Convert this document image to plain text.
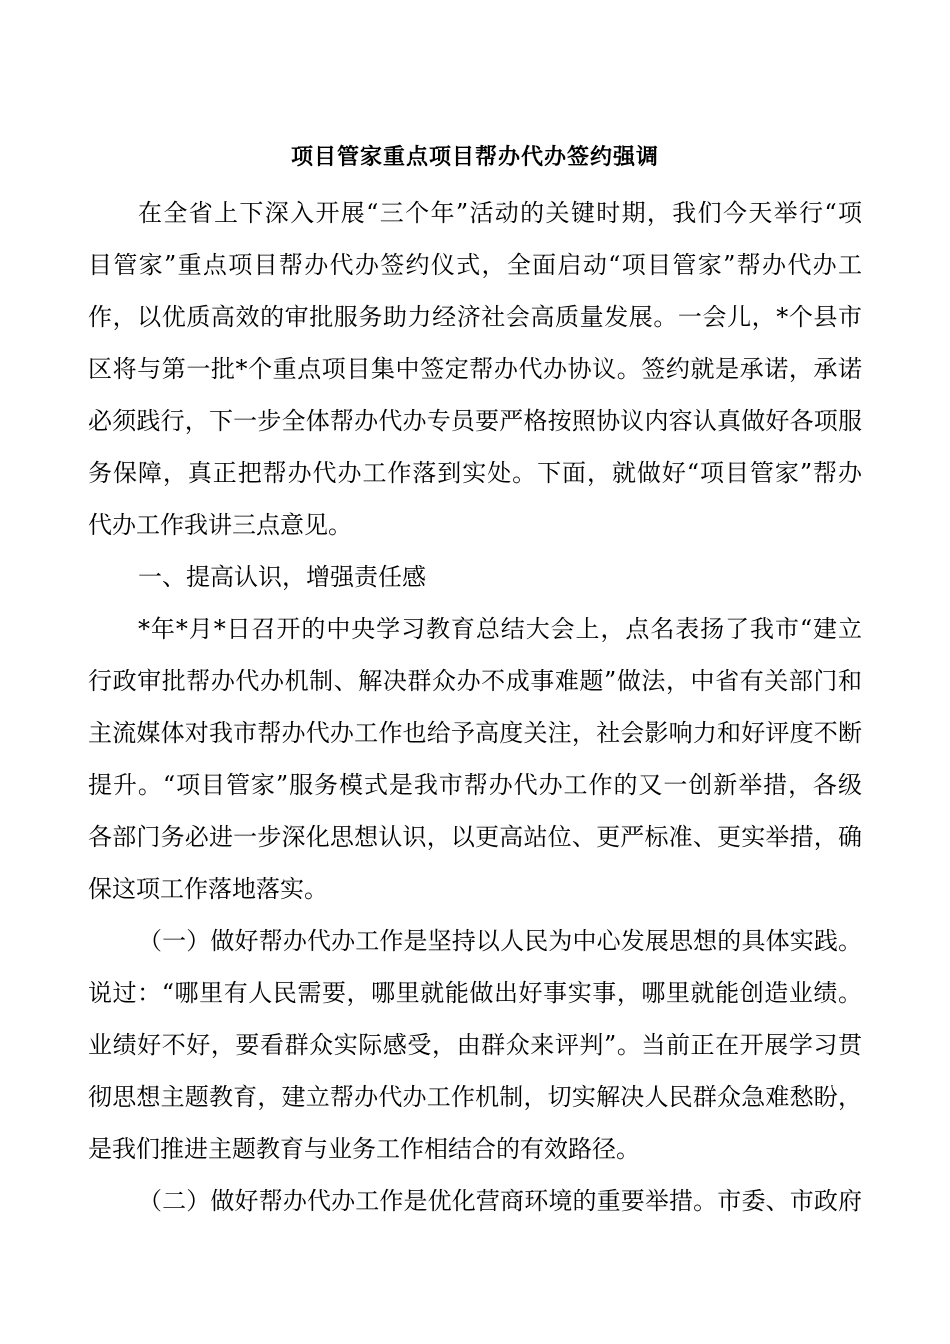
项目管家重点项目帮办代办签约强调
在全省上下深入开展“三个年”活动的关键时期，我们今天举行“项
目管家”重点项目帮办代办签约仪式，全面启动“项目管家”帮办代办工
作，以优质高效的审批服务助力经济社会高质量发展。一会儿，*个县市
区将与第一批*个重点项目集中签定帮办代办协议。签约就是承诺，承诺
必须践行，下一步全体帮办代办专员要严格按照协议内容认真做好各项服
务保障，真正把帮办代办工作落到实处。下面，就做好“项目管家”帮办
代办工作我讲三点意见。
一、提高认识，增强责任感
*年*月*日召开的中央学习教育总结大会上，点名表扬了我市“建立
行政审批帮办代办机制、解决群众办不成事难题”做法，中省有关部门和
主流媒体对我市帮办代办工作也给予高度关注，社会影响力和好评度不断
提升。“项目管家”服务模式是我市帮办代办工作的又一创新举措，各级
各部门务必进一步深化思想认识，以更高站位、更严标准、更实举措，确
保这项工作落地落实。
（一）做好帮办代办工作是坚持以人民为中心发展思想的具体实践。
说过：“哪里有人民需要，哪里就能做出好事实事，哪里就能创造业绩。
业绩好不好，要看群众实际感受，由群众来评判”。当前正在开展学习贯
彻思想主题教育，建立帮办代办工作机制，切实解决人民群众急难愁盼，
是我们推进主题教育与业务工作相结合的有效路径。
（二）做好帮办代办工作是优化营商环境的重要举措。市委、市政府
